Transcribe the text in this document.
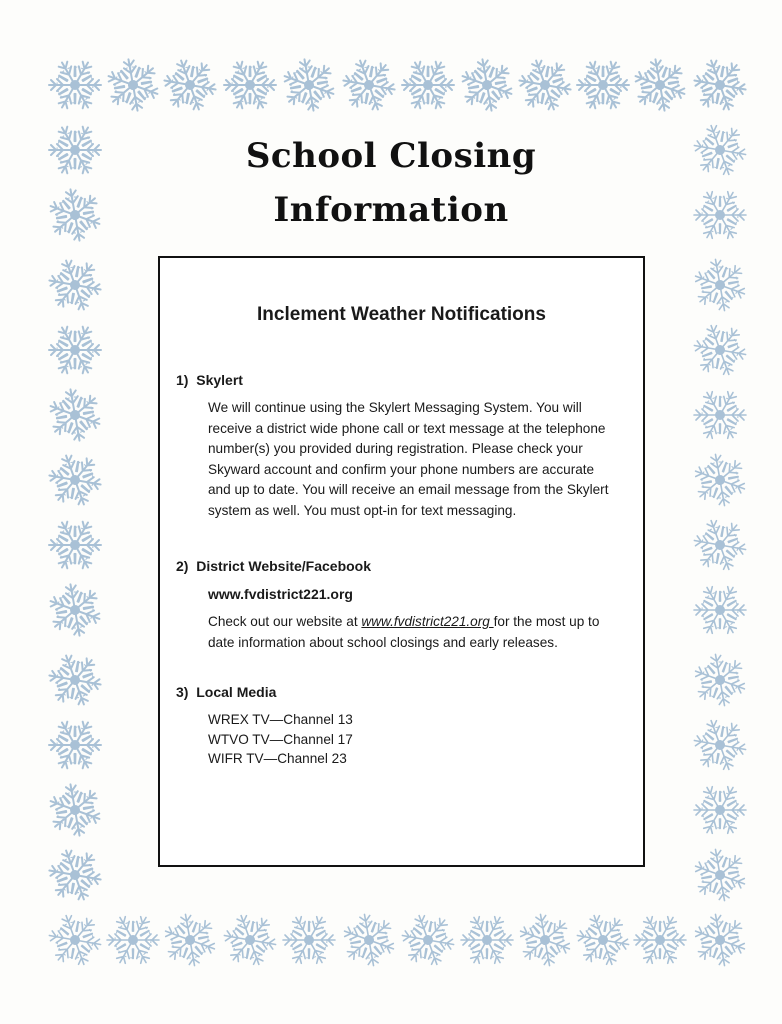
School Closing
Information
Inclement Weather Notifications
1) Skylert
We will continue using the Skylert Messaging System. You will receive a district wide phone call or text message at the telephone number(s) you provided during registration. Please check your Skyward account and confirm your phone numbers are accurate and up to date. You will receive an email message from the Skylert system as well. You must opt-in for text messaging.
2) District Website/Facebook
www.fvdistrict221.org
Check out our website at www.fvdistrict221.org for the most up to date information about school closings and early releases.
3) Local Media
WREX TV—Channel 13
WTVO TV—Channel 17
WIFR TV—Channel 23
